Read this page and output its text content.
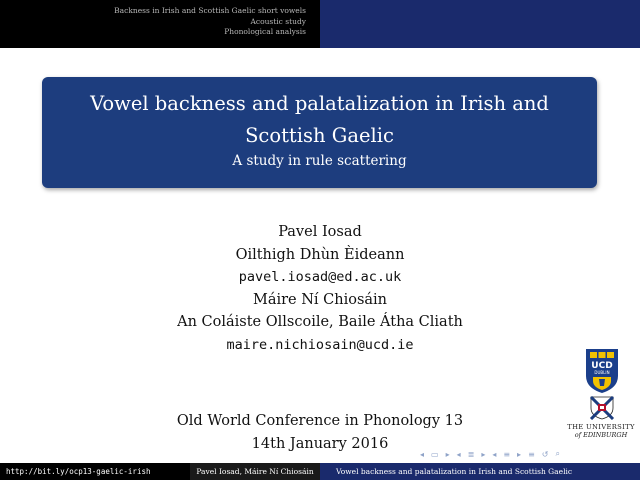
Backness in Irish and Scottish Gaelic short vowels
Acoustic study
Phonological analysis
Vowel backness and palatalization in Irish and
Scottish Gaelic
A study in rule scattering
Pavel Iosad
Oilthigh Dhùn Èideann
pavel.iosad@ed.ac.uk
Máire Ní Chiosáin
An Coláiste Ollscoile, Baile Átha Cliath
maire.nichiosain@ucd.ie
Old World Conference in Phonology 13
14th January 2016
UCD
DUBLIN
THE UNIVERSITY
of EDINBURGH
◂ ▭ ▸ ◂ ≣ ▸ ◂ ≡ ▸ ≡ ↺ ⌕
http://bit.ly/ocp13-gaelic-irish	Pavel Iosad, Máire Ní Chiosáin	Vowel backness and palatalization in Irish and Scottish Gaelic
